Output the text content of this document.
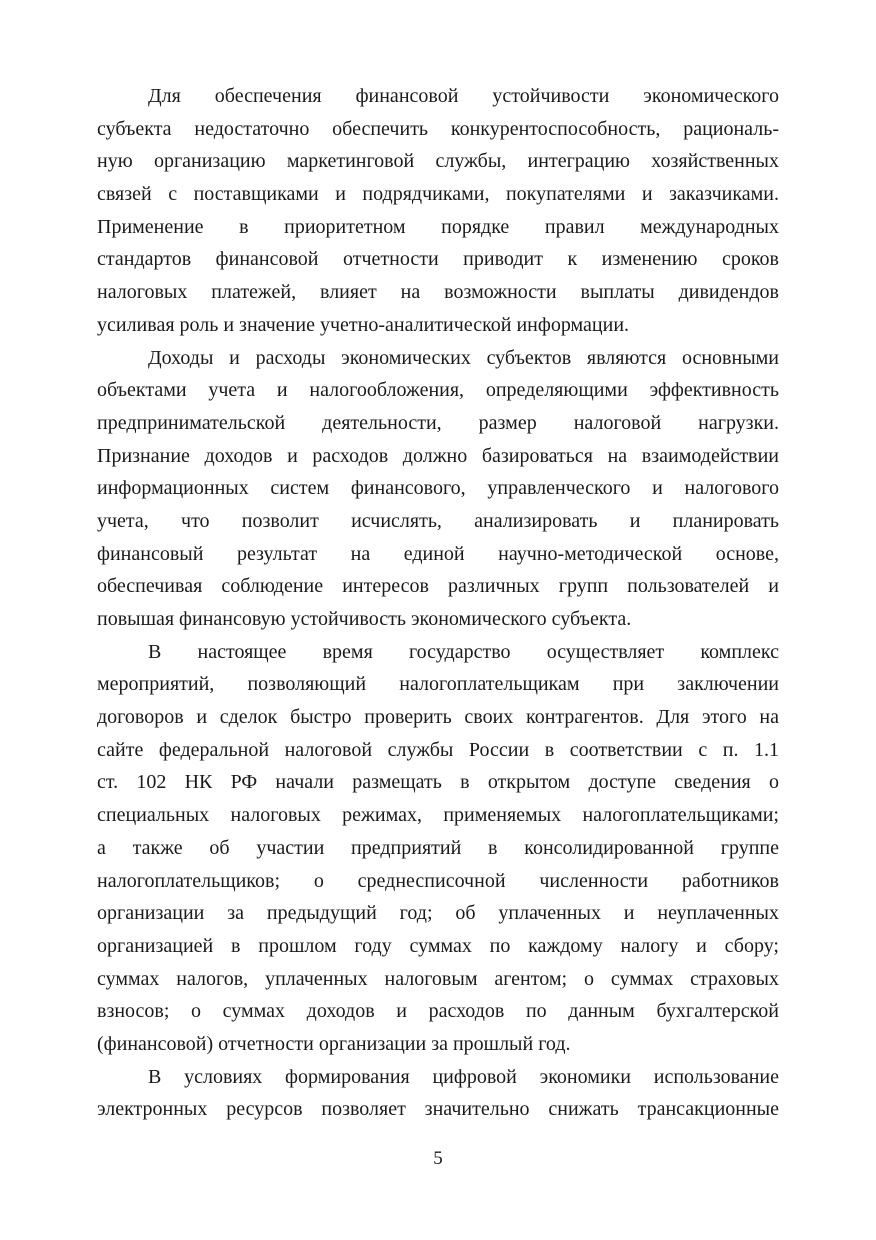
Для обеспечения финансовой устойчивости экономического
субъекта недостаточно обеспечить конкурентоспособность, рациональ-
ную организацию маркетинговой службы, интеграцию хозяйственных
связей с поставщиками и подрядчиками, покупателями и заказчиками.
Применение в приоритетном порядке правил международных
стандартов финансовой отчетности приводит к изменению сроков
налоговых платежей, влияет на возможности выплаты дивидендов
усиливая роль и значение учетно-аналитической информации.
Доходы и расходы экономических субъектов являются основными
объектами учета и налогообложения, определяющими эффективность
предпринимательской деятельности, размер налоговой нагрузки.
Признание доходов и расходов должно базироваться на взаимодействии
информационных систем финансового, управленческого и налогового
учета, что позволит исчислять, анализировать и планировать
финансовый результат на единой научно-методической основе,
обеспечивая соблюдение интересов различных групп пользователей и
повышая финансовую устойчивость экономического субъекта.
В настоящее время государство осуществляет комплекс
мероприятий, позволяющий налогоплательщикам при заключении
договоров и сделок быстро проверить своих контрагентов. Для этого на
сайте федеральной налоговой службы России в соответствии с п. 1.1
ст. 102 НК РФ начали размещать в открытом доступе сведения о
специальных налоговых режимах, применяемых налогоплательщиками;
а также об участии предприятий в консолидированной группе
налогоплательщиков; о среднесписочной численности работников
организации за предыдущий год; об уплаченных и неуплаченных
организацией в прошлом году суммах по каждому налогу и сбору;
суммах налогов, уплаченных налоговым агентом; о суммах страховых
взносов; о суммах доходов и расходов по данным бухгалтерской
(финансовой) отчетности организации за прошлый год.
В условиях формирования цифровой экономики использование
электронных ресурсов позволяет значительно снижать трансакционные
5
